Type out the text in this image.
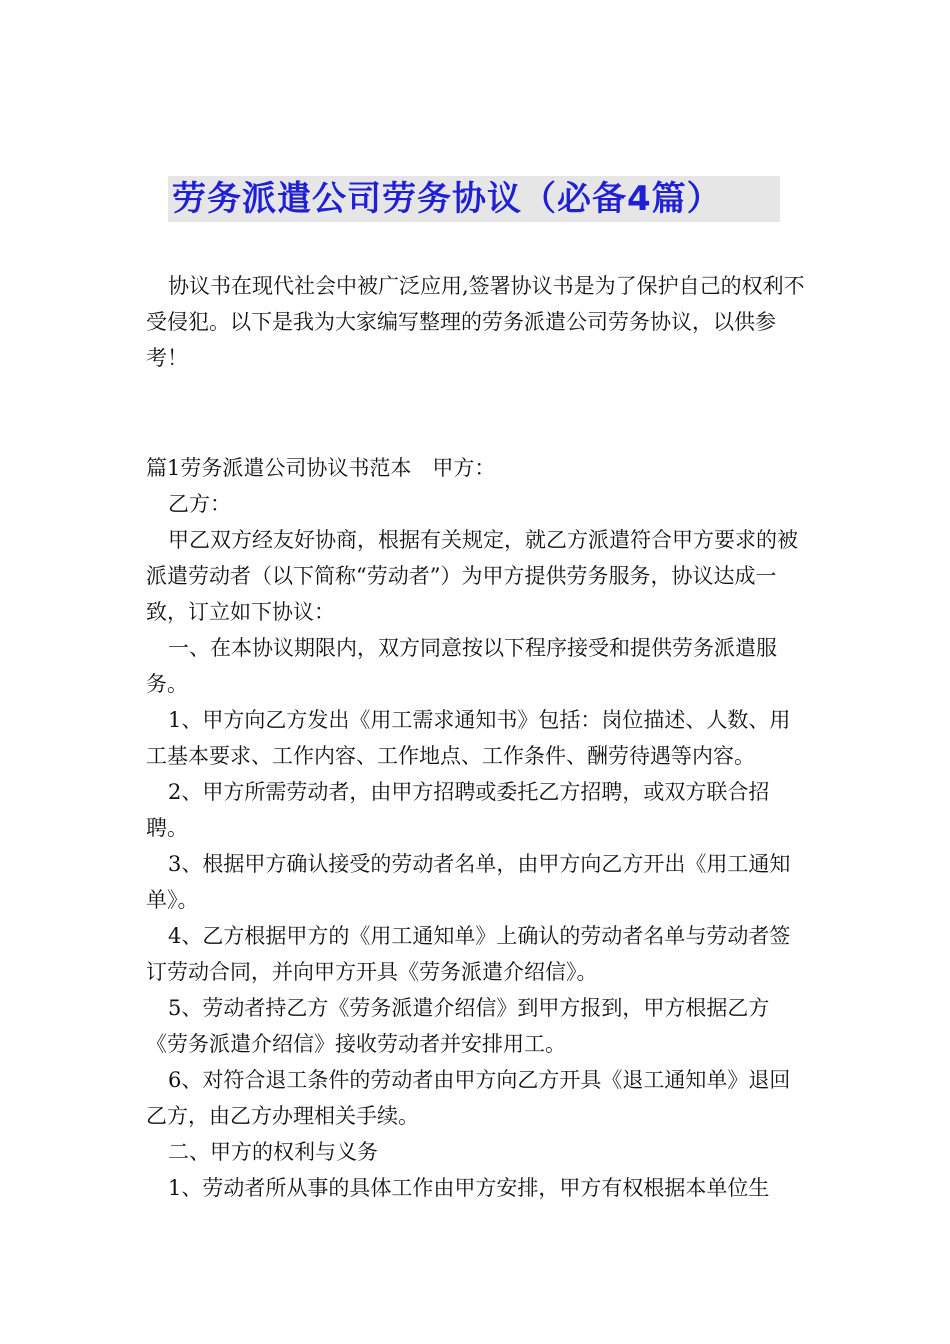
劳务派遣公司劳务协议（必备4篇）

协议书在现代社会中被广泛应用,签署协议书是为了保护自己的权利不受侵犯。以下是我为大家编写整理的劳务派遣公司劳务协议，以供参考！

篇1劳务派遣公司协议书范本　甲方：

乙方：

甲乙双方经友好协商，根据有关规定，就乙方派遣符合甲方要求的被派遣劳动者（以下简称“劳动者”）为甲方提供劳务服务，协议达成一致，订立如下协议：

一、在本协议期限内，双方同意按以下程序接受和提供劳务派遣服务。

1、甲方向乙方发出《用工需求通知书》包括：岗位描述、人数、用工基本要求、工作内容、工作地点、工作条件、酬劳待遇等内容。

2、甲方所需劳动者，由甲方招聘或委托乙方招聘，或双方联合招聘。

3、根据甲方确认接受的劳动者名单，由甲方向乙方开出《用工通知单》。

4、乙方根据甲方的《用工通知单》上确认的劳动者名单与劳动者签订劳动合同，并向甲方开具《劳务派遣介绍信》。

5、劳动者持乙方《劳务派遣介绍信》到甲方报到，甲方根据乙方《劳务派遣介绍信》接收劳动者并安排用工。

6、对符合退工条件的劳动者由甲方向乙方开具《退工通知单》退回乙方，由乙方办理相关手续。

二、甲方的权利与义务

1、劳动者所从事的具体工作由甲方安排，甲方有权根据本单位生
